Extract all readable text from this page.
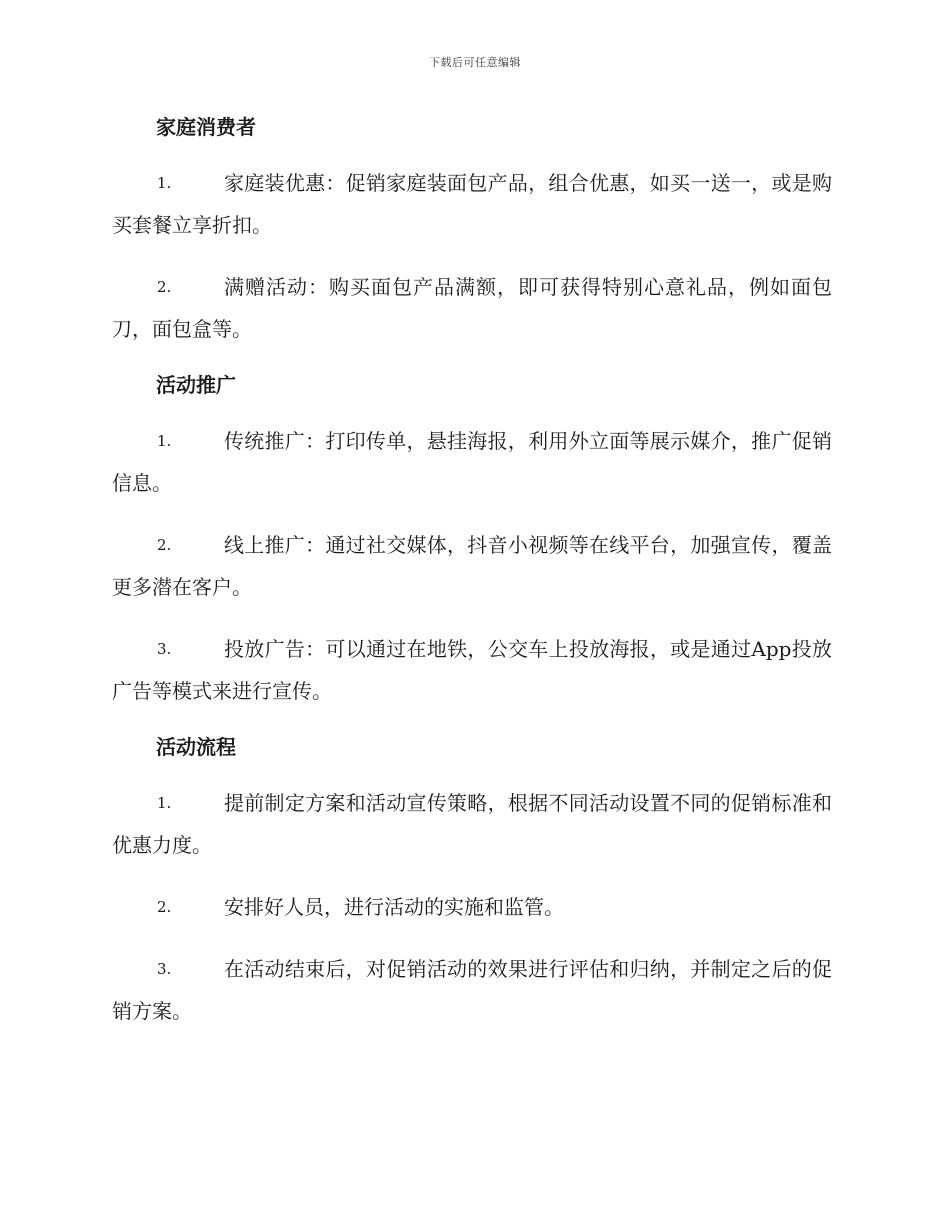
下载后可任意编辑
家庭消费者

1.	家庭装优惠：促销家庭装面包产品，组合优惠，如买一送一，或是购买套餐立享折扣。

2.	满赠活动：购买面包产品满额，即可获得特别心意礼品，例如面包刀，面包盒等。

活动推广

1.	传统推广：打印传单，悬挂海报，利用外立面等展示媒介，推广促销信息。

2.	线上推广：通过社交媒体，抖音小视频等在线平台，加强宣传，覆盖更多潜在客户。

3.	投放广告：可以通过在地铁，公交车上投放海报，或是通过App投放广告等模式来进行宣传。

活动流程

1.	提前制定方案和活动宣传策略，根据不同活动设置不同的促销标准和优惠力度。

2.	安排好人员，进行活动的实施和监管。

3.	在活动结束后，对促销活动的效果进行评估和归纳，并制定之后的促销方案。
